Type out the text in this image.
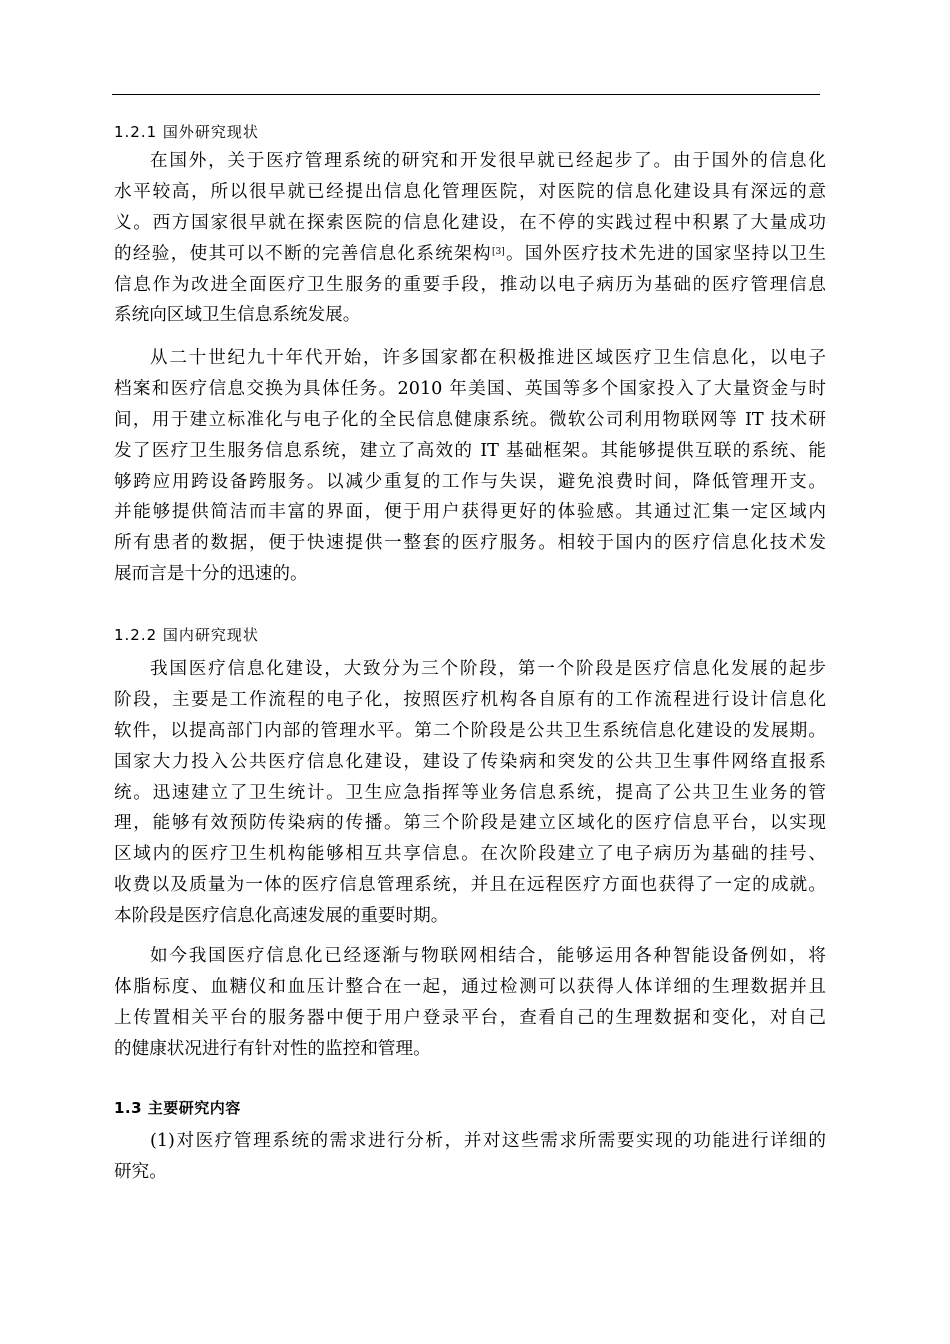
1.2.1 国外研究现状
在国外，关于医疗管理系统的研究和开发很早就已经起步了。由于国外的信息化
水平较高，所以很早就已经提出信息化管理医院，对医院的信息化建设具有深远的意
义。西方国家很早就在探索医院的信息化建设，在不停的实践过程中积累了大量成功
的经验，使其可以不断的完善信息化系统架构[3]。国外医疗技术先进的国家坚持以卫生
信息作为改进全面医疗卫生服务的重要手段，推动以电子病历为基础的医疗管理信息
系统向区域卫生信息系统发展。
从二十世纪九十年代开始，许多国家都在积极推进区域医疗卫生信息化，以电子
档案和医疗信息交换为具体任务。2010 年美国、英国等多个国家投入了大量资金与时
间，用于建立标准化与电子化的全民信息健康系统。微软公司利用物联网等 IT 技术研
发了医疗卫生服务信息系统，建立了高效的 IT 基础框架。其能够提供互联的系统、能
够跨应用跨设备跨服务。以减少重复的工作与失误，避免浪费时间，降低管理开支。
并能够提供简洁而丰富的界面，便于用户获得更好的体验感。其通过汇集一定区域内
所有患者的数据，便于快速提供一整套的医疗服务。相较于国内的医疗信息化技术发
展而言是十分的迅速的。
1.2.2 国内研究现状
我国医疗信息化建设，大致分为三个阶段，第一个阶段是医疗信息化发展的起步
阶段，主要是工作流程的电子化，按照医疗机构各自原有的工作流程进行设计信息化
软件，以提高部门内部的管理水平。第二个阶段是公共卫生系统信息化建设的发展期。
国家大力投入公共医疗信息化建设，建设了传染病和突发的公共卫生事件网络直报系
统。迅速建立了卫生统计。卫生应急指挥等业务信息系统，提高了公共卫生业务的管
理，能够有效预防传染病的传播。第三个阶段是建立区域化的医疗信息平台，以实现
区域内的医疗卫生机构能够相互共享信息。在次阶段建立了电子病历为基础的挂号、
收费以及质量为一体的医疗信息管理系统，并且在远程医疗方面也获得了一定的成就。
本阶段是医疗信息化高速发展的重要时期。
如今我国医疗信息化已经逐渐与物联网相结合，能够运用各种智能设备例如，将
体脂标度、血糖仪和血压计整合在一起，通过检测可以获得人体详细的生理数据并且
上传置相关平台的服务器中便于用户登录平台，查看自己的生理数据和变化，对自己
的健康状况进行有针对性的监控和管理。
1.3 主要研究内容
(1)对医疗管理系统的需求进行分析，并对这些需求所需要实现的功能进行详细的
研究。
